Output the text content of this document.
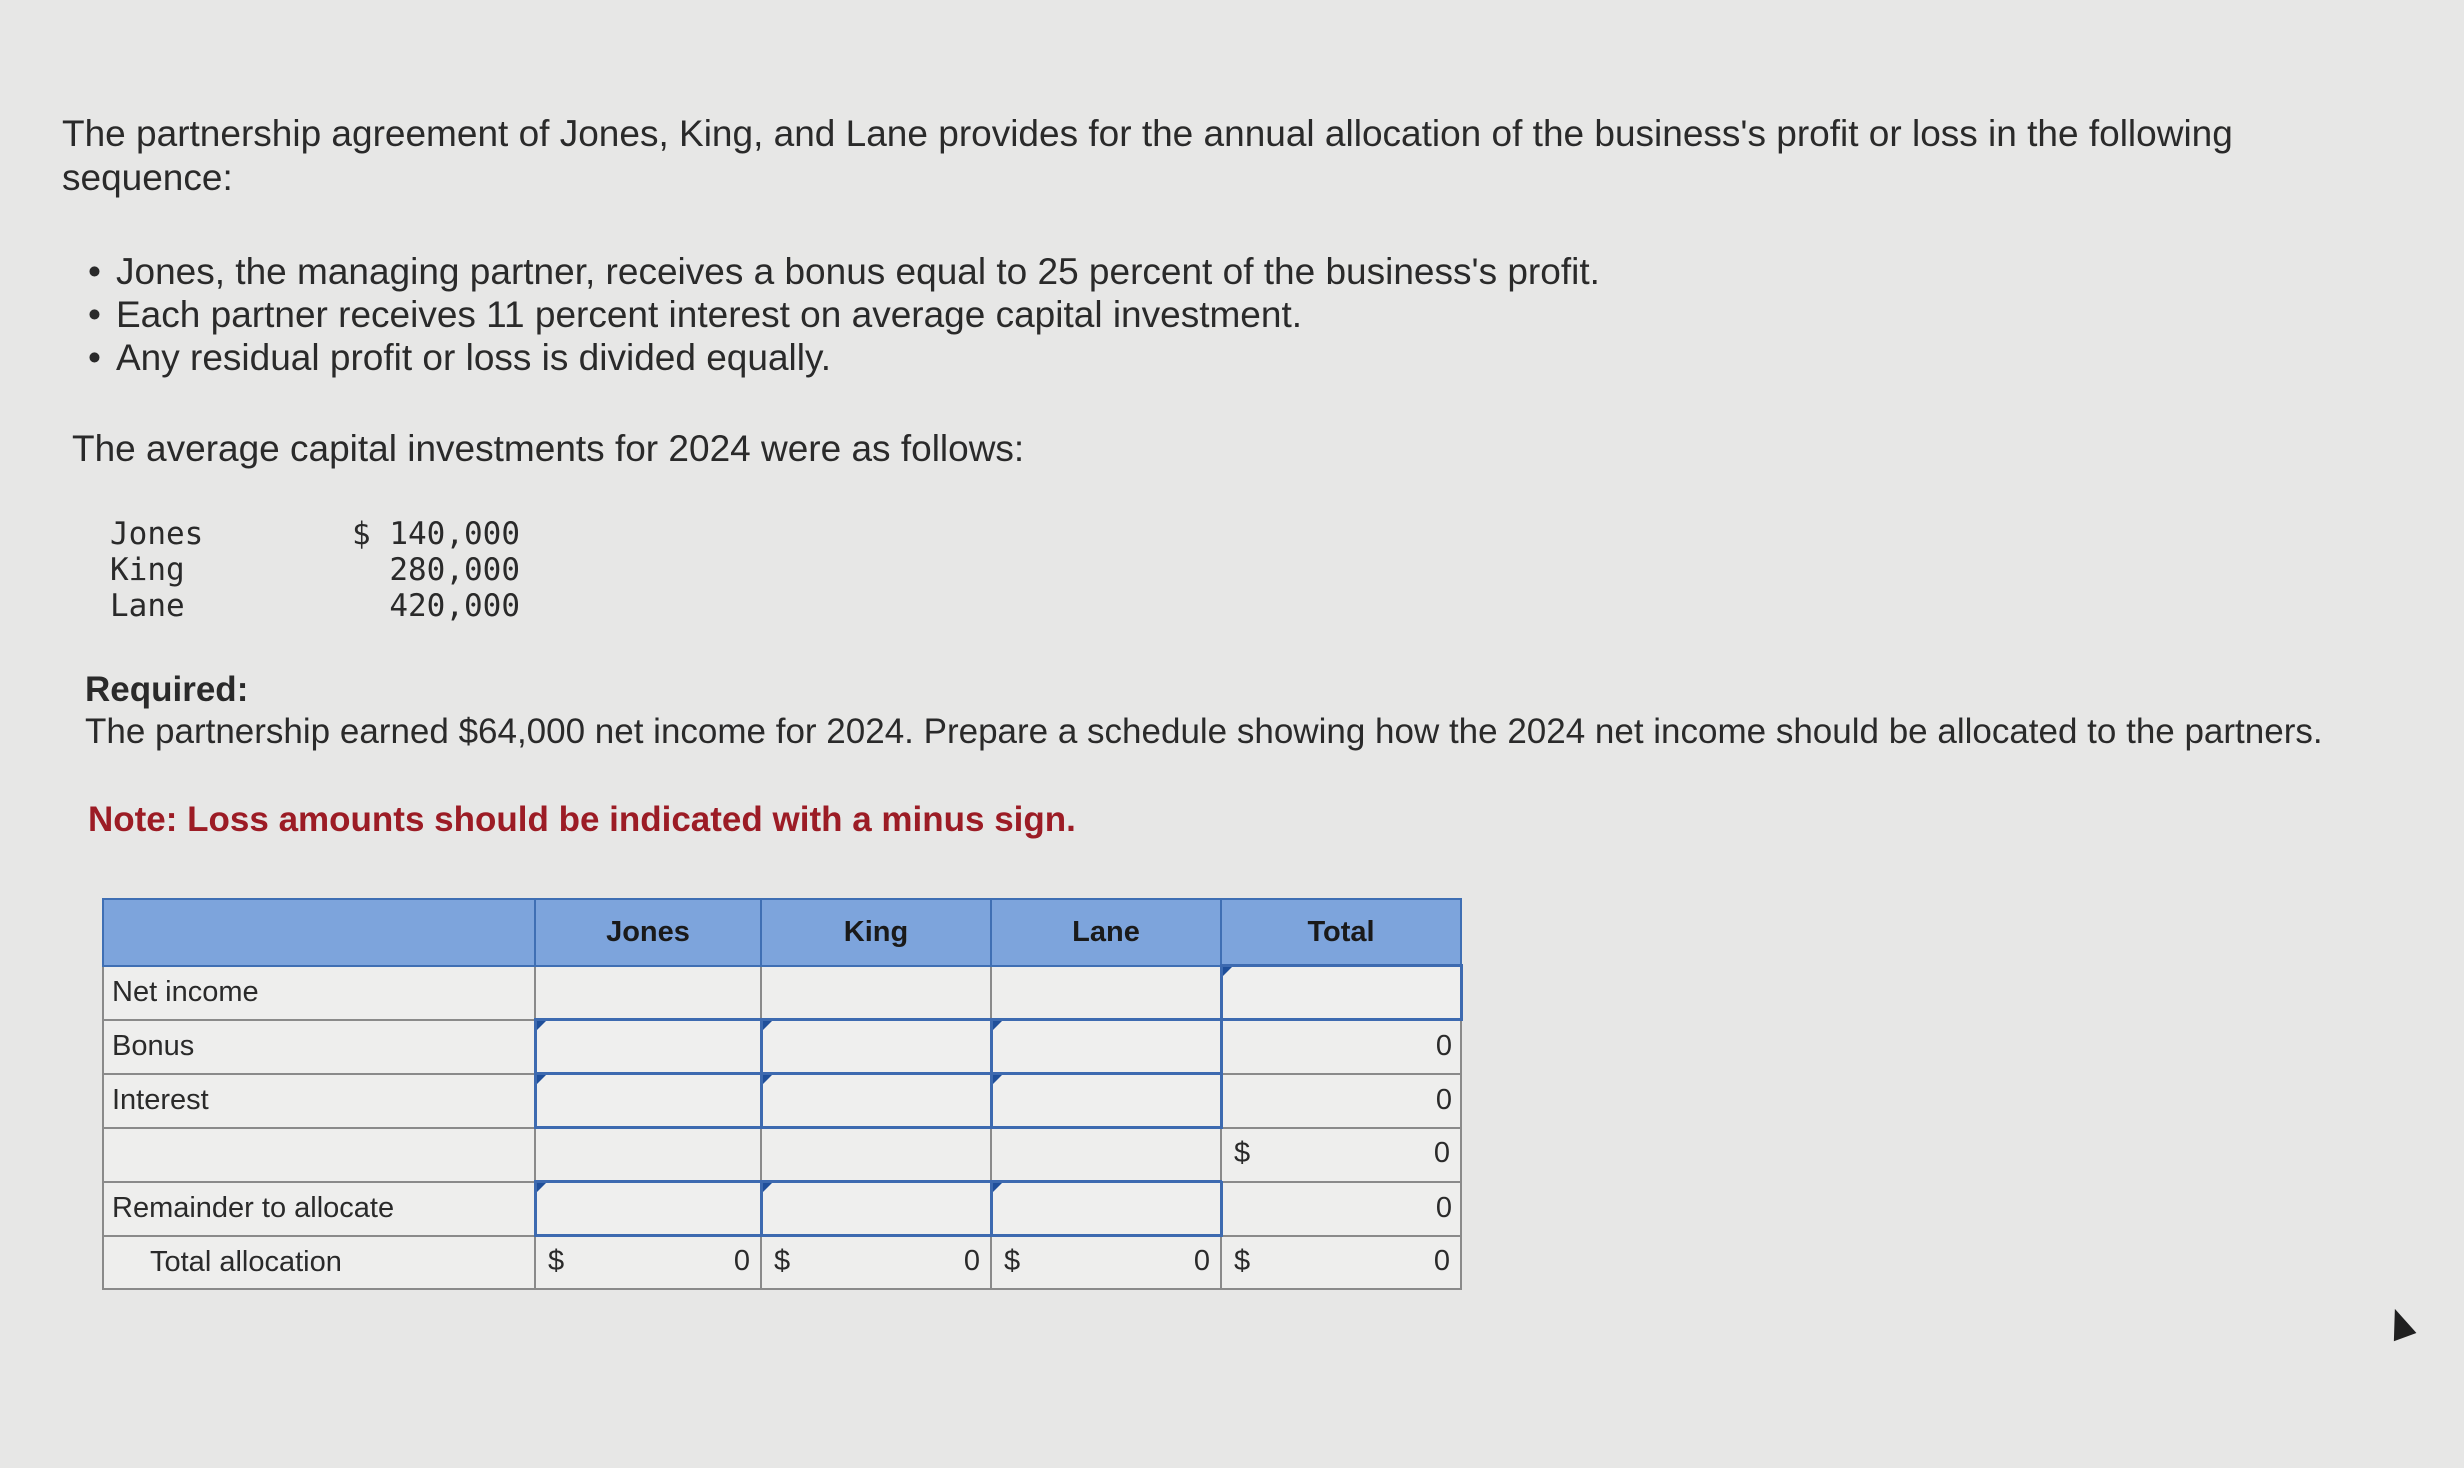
The partnership agreement of Jones, King, and Lane provides for the annual allocation of the business's profit or loss in the following sequence:
• Jones, the managing partner, receives a bonus equal to 25 percent of the business's profit.
• Each partner receives 11 percent interest on average capital investment.
• Any residual profit or loss is divided equally.
The average capital investments for 2024 were as follows:
Jones	$ 140,000
King	280,000
Lane	420,000
Required:
The partnership earned $64,000 net income for 2024. Prepare a schedule showing how the 2024 net income should be allocated to the partners.
Note: Loss amounts should be indicated with a minus sign.
	Jones	King	Lane	Total
Net income				
Bonus				0
Interest				0

				$ 0

Remainder to allocate				0
Total allocation	$ 0	$ 0	$ 0	$ 0
